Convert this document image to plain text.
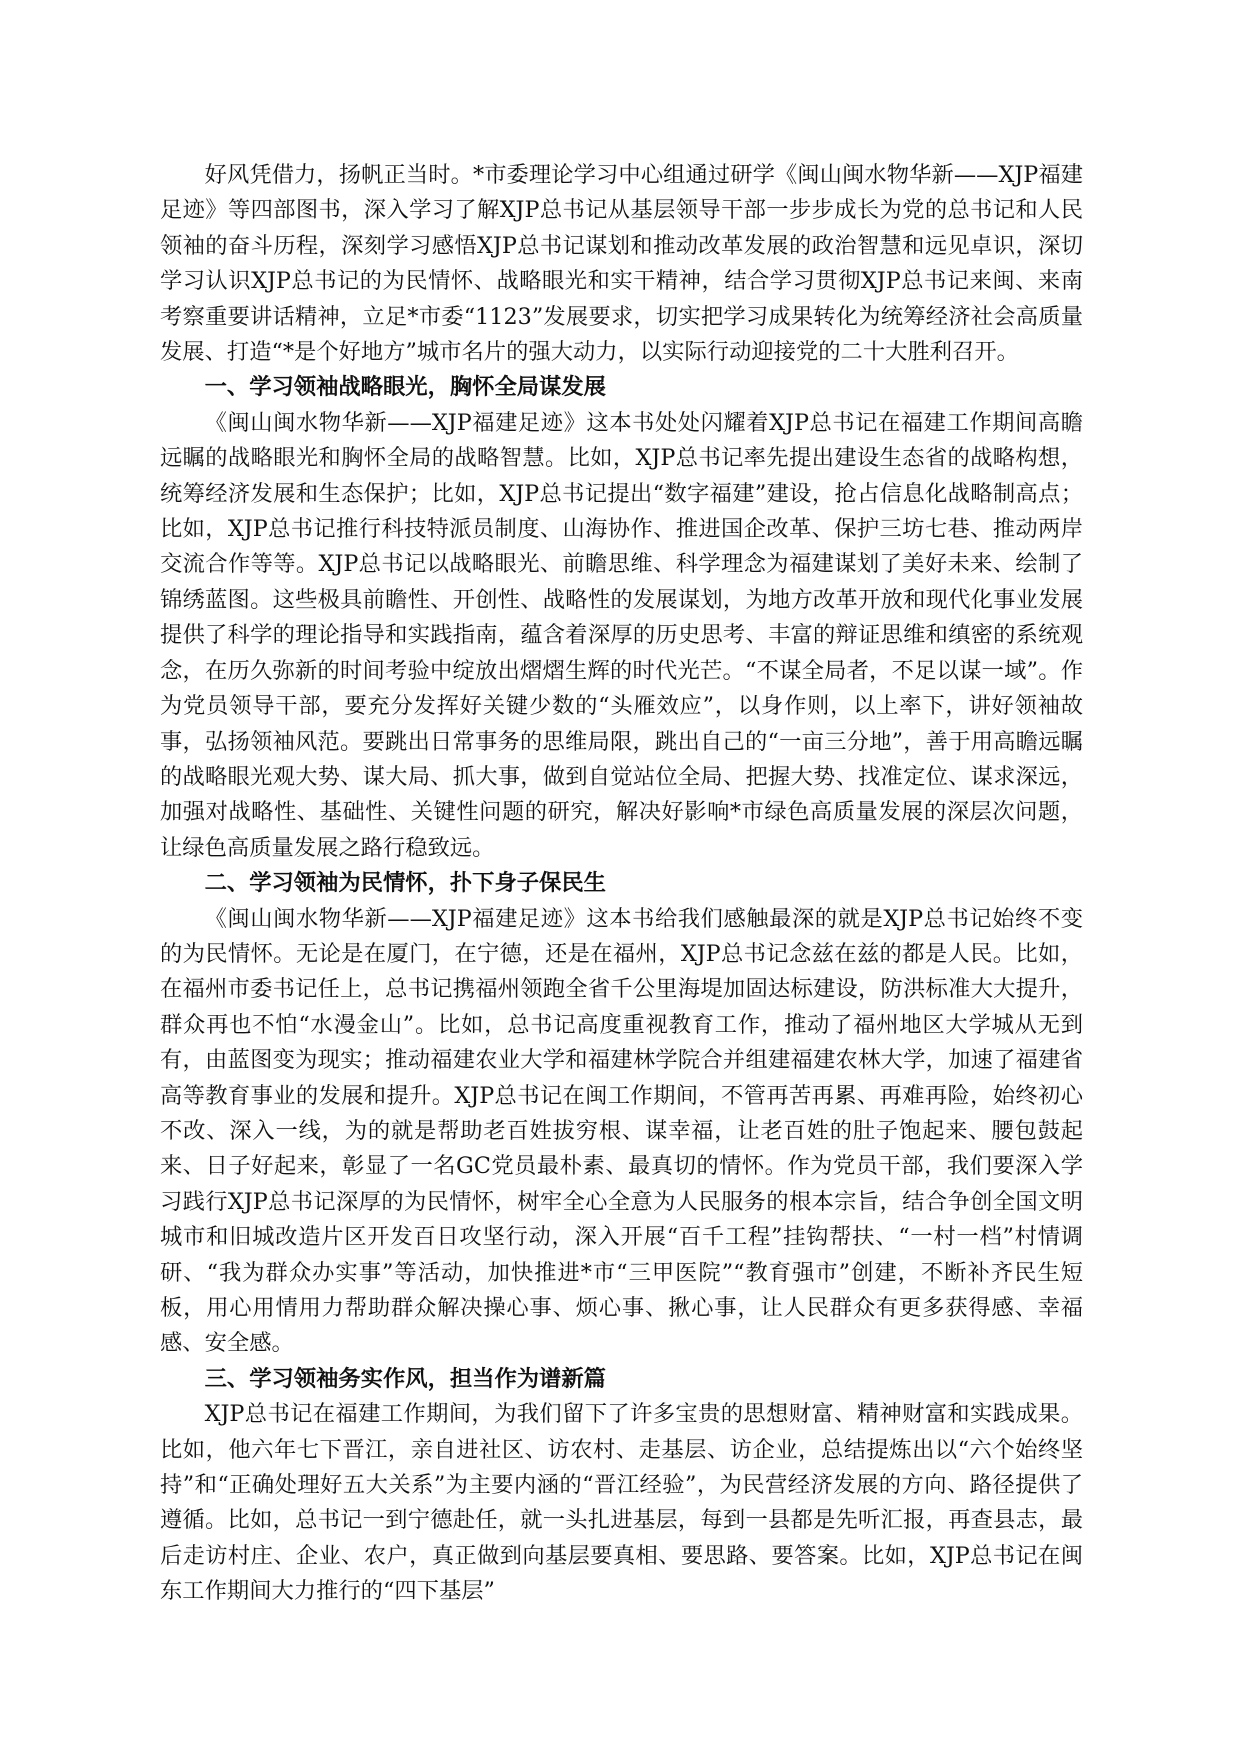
好风凭借力，扬帆正当时。*市委理论学习中心组通过研学《闽山闽水物华新——XJP福建足迹》等四部图书，深入学习了解XJP总书记从基层领导干部一步步成长为党的总书记和人民领袖的奋斗历程，深刻学习感悟XJP总书记谋划和推动改革发展的政治智慧和远见卓识，深切学习认识XJP总书记的为民情怀、战略眼光和实干精神，结合学习贯彻XJP总书记来闽、来南考察重要讲话精神，立足*市委“1123”发展要求，切实把学习成果转化为统筹经济社会高质量发展、打造“*是个好地方”城市名片的强大动力，以实际行动迎接党的二十大胜利召开。

一、学习领袖战略眼光，胸怀全局谋发展

《闽山闽水物华新——XJP福建足迹》这本书处处闪耀着XJP总书记在福建工作期间高瞻远瞩的战略眼光和胸怀全局的战略智慧。比如，XJP总书记率先提出建设生态省的战略构想，统筹经济发展和生态保护；比如，XJP总书记提出“数字福建”建设，抢占信息化战略制高点；比如，XJP总书记推行科技特派员制度、山海协作、推进国企改革、保护三坊七巷、推动两岸交流合作等等。XJP总书记以战略眼光、前瞻思维、科学理念为福建谋划了美好未来、绘制了锦绣蓝图。这些极具前瞻性、开创性、战略性的发展谋划，为地方改革开放和现代化事业发展提供了科学的理论指导和实践指南，蕴含着深厚的历史思考、丰富的辩证思维和缜密的系统观念，在历久弥新的时间考验中绽放出熠熠生辉的时代光芒。“不谋全局者，不足以谋一域”。作为党员领导干部，要充分发挥好关键少数的“头雁效应”，以身作则，以上率下，讲好领袖故事，弘扬领袖风范。要跳出日常事务的思维局限，跳出自己的“一亩三分地”，善于用高瞻远瞩的战略眼光观大势、谋大局、抓大事，做到自觉站位全局、把握大势、找准定位、谋求深远，加强对战略性、基础性、关键性问题的研究，解决好影响*市绿色高质量发展的深层次问题，让绿色高质量发展之路行稳致远。

二、学习领袖为民情怀，扑下身子保民生

《闽山闽水物华新——XJP福建足迹》这本书给我们感触最深的就是XJP总书记始终不变的为民情怀。无论是在厦门，在宁德，还是在福州，XJP总书记念兹在兹的都是人民。比如，在福州市委书记任上，总书记携福州领跑全省千公里海堤加固达标建设，防洪标准大大提升，群众再也不怕“水漫金山”。比如，总书记高度重视教育工作，推动了福州地区大学城从无到有，由蓝图变为现实；推动福建农业大学和福建林学院合并组建福建农林大学，加速了福建省高等教育事业的发展和提升。XJP总书记在闽工作期间，不管再苦再累、再难再险，始终初心不改、深入一线，为的就是帮助老百姓拔穷根、谋幸福，让老百姓的肚子饱起来、腰包鼓起来、日子好起来，彰显了一名GC党员最朴素、最真切的情怀。作为党员干部，我们要深入学习践行XJP总书记深厚的为民情怀，树牢全心全意为人民服务的根本宗旨，结合争创全国文明城市和旧城改造片区开发百日攻坚行动，深入开展“百千工程”挂钩帮扶、“一村一档”村情调研、“我为群众办实事”等活动，加快推进*市“三甲医院”“教育强市”创建，不断补齐民生短板，用心用情用力帮助群众解决操心事、烦心事、揪心事，让人民群众有更多获得感、幸福感、安全感。

三、学习领袖务实作风，担当作为谱新篇

XJP总书记在福建工作期间，为我们留下了许多宝贵的思想财富、精神财富和实践成果。比如，他六年七下晋江，亲自进社区、访农村、走基层、访企业，总结提炼出以“六个始终坚持”和“正确处理好五大关系”为主要内涵的“晋江经验”，为民营经济发展的方向、路径提供了遵循。比如，总书记一到宁德赴任，就一头扎进基层，每到一县都是先听汇报，再查县志，最后走访村庄、企业、农户，真正做到向基层要真相、要思路、要答案。比如，XJP总书记在闽东工作期间大力推行的“四下基层”
